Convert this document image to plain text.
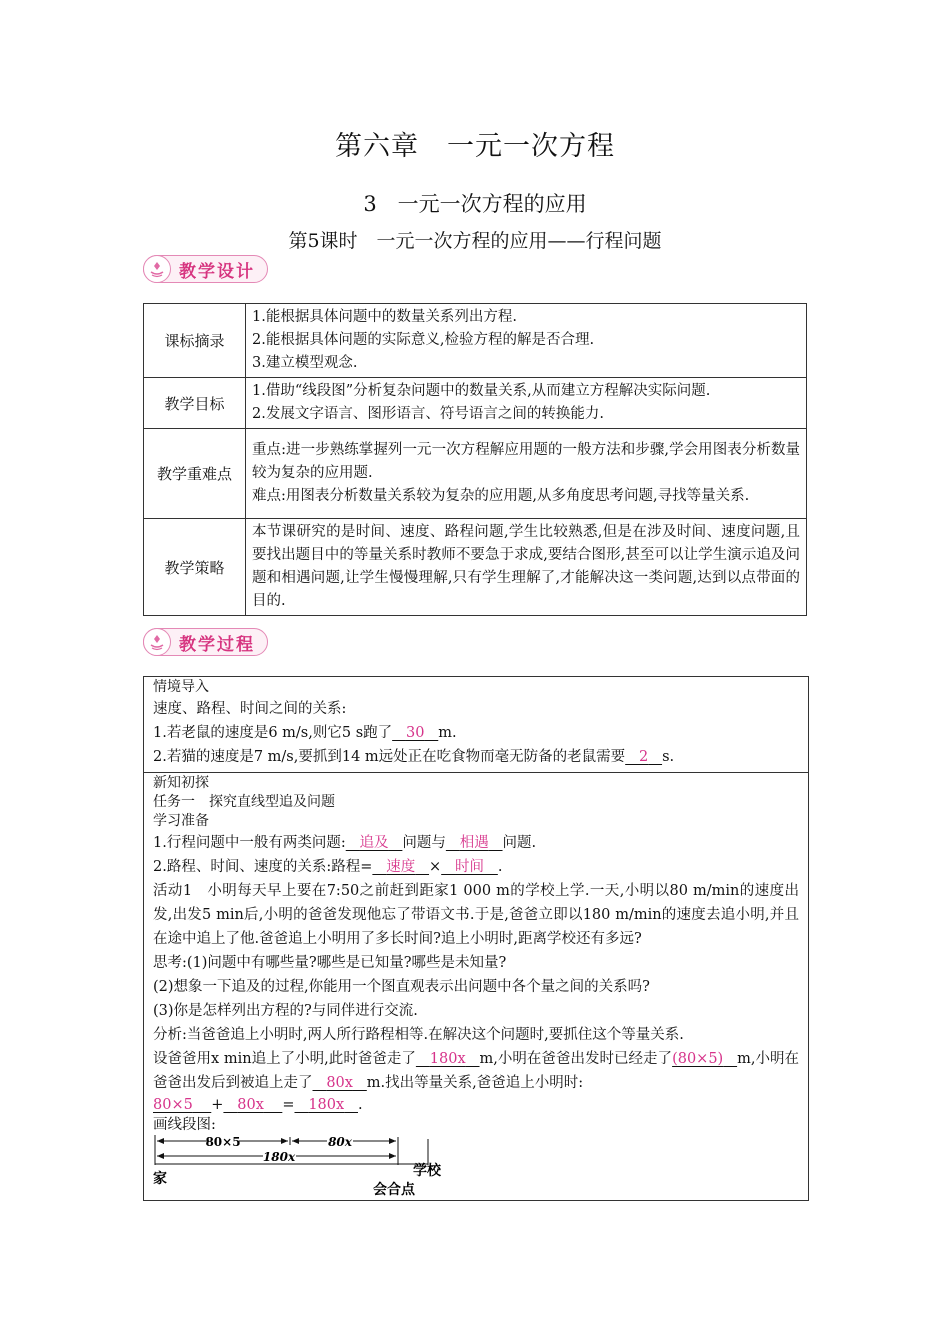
第六章　一元一次方程
3　一元一次方程的应用
第5课时　一元一次方程的应用——行程问题
教学设计
课标摘录	1.能根据具体问题中的数量关系列出方程.
2.能根据具体问题的实际意义,检验方程的解是否合理.
3.建立模型观念.

教学目标	1.借助“线段图”分析复杂问题中的数量关系,从而建立方程解决实际问题.
2.发展文字语言、图形语言、符号语言之间的转换能力.

教学重难点	重点:进一步熟练掌握列一元一次方程解应用题的一般方法和步骤,学会用图表分析数量较为复杂的应用题.
难点:用图表分析数量关系较为复杂的应用题,从多角度思考问题,寻找等量关系.

教学策略	本节课研究的是时间、速度、路程问题,学生比较熟悉,但是在涉及时间、速度问题,且要找出题目中的等量关系时教师不要急于求成,要结合图形,甚至可以让学生演示追及问题和相遇问题,让学生慢慢理解,只有学生理解了,才能解决这一类问题,达到以点带面的目的.
教学过程
情境导入
速度、路程、时间之间的关系:
1.若老鼠的速度是6 m/s,则它5 s跑了 30 m.
2.若猫的速度是7 m/s,要抓到14 m远处正在吃食物而毫无防备的老鼠需要 2 s.
新知初探
任务一　探究直线型追及问题
学习准备
1.行程问题中一般有两类问题: 追及 问题与 相遇 问题.
2.路程、时间、速度的关系:路程= 速度 × 时间 .
活动1　小明每天早上要在7:50之前赶到距家1 000 m的学校上学.一天,小明以80 m/min的速度出发,出发5 min后,小明的爸爸发现他忘了带语文书.于是,爸爸立即以180 m/min的速度去追小明,并且在途中追上了他.爸爸追上小明用了多长时间?追上小明时,距离学校还有多远?
思考:(1)问题中有哪些量?哪些是已知量?哪些是未知量?
(2)想象一下追及的过程,你能用一个图直观表示出问题中各个量之间的关系吗?
(3)你是怎样列出方程的?与同伴进行交流.
分析:当爸爸追上小明时,两人所行路程相等.在解决这个问题时,要抓住这个等量关系.
设爸爸用x min追上了小明,此时爸爸走了 180x m,小明在爸爸出发时已经走了(80×5) m,小明在爸爸出发后到被追上走了 80x m.找出等量关系,爸爸追上小明时:
80×5 + 80x = 180x .
画线段图:
80×5	80x
180x
家	学校
会合点
